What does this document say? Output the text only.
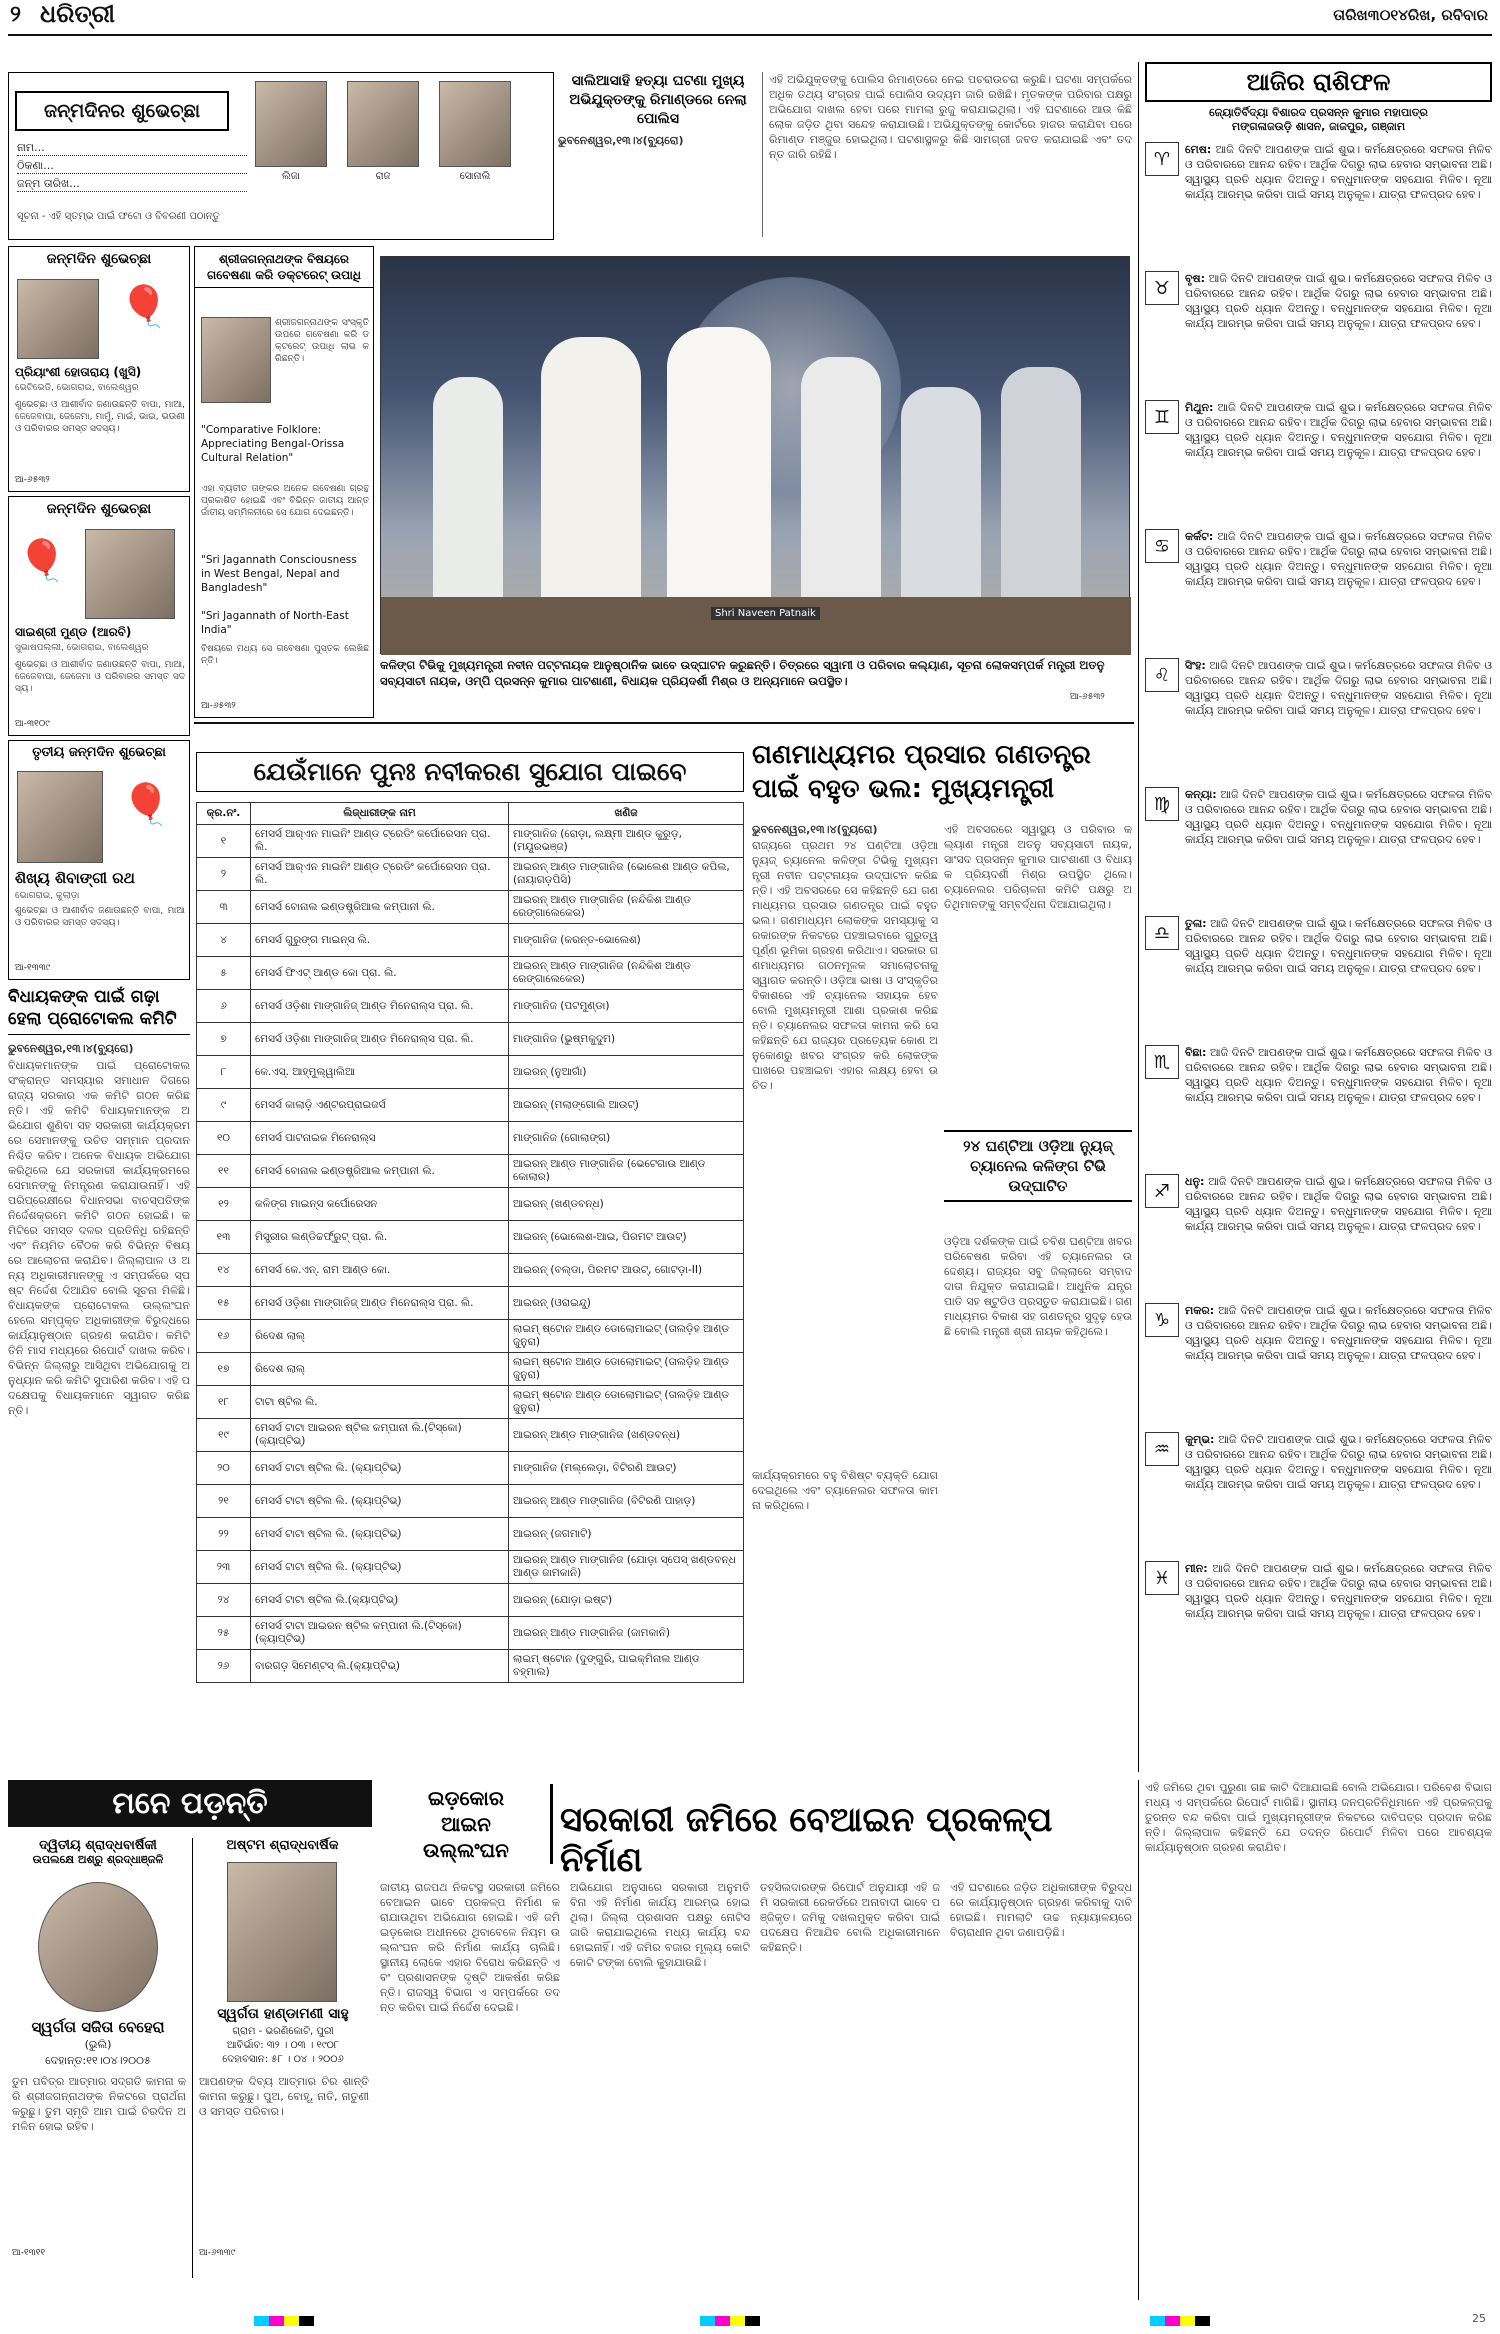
୨ ଧରିତ୍ରୀ	ତାରିଖ୩୦୧୪ରିଖ, ରବିବାର
ଜନ୍ମଦିନର ଶୁଭେଚ୍ଛା
ଲିଜା	ରାଜ	ସୋନାଲି
ନାମ...
ଠିକଣା...
ଜନ୍ମ ତାରିଖ...
ସୂଚନା - ଏହି ସ୍ତମ୍ଭ ପାଇଁ ଫଟୋ ଓ ବିବରଣୀ ପଠାନ୍ତୁ
ସାଲିଆସାହି ହତ୍ୟା ଘଟଣା ମୁଖ୍ୟ ଅଭିଯୁକ୍ତଙ୍କୁ ରିମାଣ୍ଡରେ ନେଲା ପୋଲିସ
ଭୁବନେଶ୍ୱର,୧୩।୪(ବ୍ୟୁରୋ)
ଏହି ଅଭିଯୁକ୍ତଙ୍କୁ ପୋଲିସ ରିମାଣ୍ଡରେ ନେଇ ପଚରାଉଚରା କରୁଛି। ଘଟଣା ସମ୍ପର୍କରେ ଅଧିକ ତଥ୍ୟ ସଂଗ୍ରହ ପାଇଁ ପୋଲିସ ଉଦ୍ୟମ ଜାରି ରଖିଛି। ମୃତକଙ୍କ ପରିବାର ପକ୍ଷରୁ ଅଭିଯୋଗ ଦାଖଲ ହେବା ପରେ ମାମଲା ରୁଜୁ କରାଯାଇଥିଲା। ଏହି ଘଟଣାରେ ଆଉ କିଛି ଲୋକ ଜଡ଼ିତ ଥିବା ସନ୍ଦେହ କରାଯାଉଛି। ଅଭିଯୁକ୍ତଙ୍କୁ କୋର୍ଟରେ ହାଜର କରାଯିବା ପରେ ରିମାଣ୍ଡ ମଞ୍ଜୁର ହୋଇଥିଲା। ଘଟଣାସ୍ଥଳରୁ କିଛି ସାମଗ୍ରୀ ଜବତ କରାଯାଇଛି ଏବଂ ତଦନ୍ତ ଜାରି ରହିଛି।
ଜନ୍ମଦିନ ଶୁଭେଚ୍ଛା
🎈
ପ୍ରିୟାଂଶୀ ହୋତାରାୟ (ଖୁସି)
ଭେଟିଭେଡି, ଭୋଗରାଇ, ବାଲେଶ୍ୱର
ଶୁଭେଚ୍ଛା ଓ ଆଶୀର୍ବାଦ ଜଣାଉଛନ୍ତି ବାପା, ମାଆ, ଜେଜେବାପା, ଜେଜେମା, ମାମୁଁ, ମାଇଁ, ଭାଇ, ଭଉଣୀ ଓ ପରିବାରର ସମସ୍ତ ସଦସ୍ୟ।
ଆ-୬୫୩୨
ଶ୍ରୀଜଗନ୍ନାଥଙ୍କ ବିଷୟରେ ଗବେଷଣା କରି ଡକ୍ଟରେଟ୍ ଉପାଧି
ଶ୍ରୀଜଗନ୍ନାଥଙ୍କ ସଂସ୍କୃତି ଉପରେ ଗବେଷଣା କରି ଡକ୍ଟରେଟ୍ ଉପାଧି ଲାଭ କରିଛନ୍ତି।
"Comparative Folklore: Appreciating Bengal-Orissa Cultural Relation"
ଏହା ବ୍ୟତୀତ ତାଙ୍କର ଅନେକ ଗବେଷଣା ଗ୍ରନ୍ଥ ପ୍ରକାଶିତ ହୋଇଛି ଏବଂ ବିଭିନ୍ନ ଜାତୀୟ ଆନ୍ତର୍ଜାତୀୟ ସମ୍ମିଳନୀରେ ସେ ଯୋଗ ଦେଇଛନ୍ତି।
"Sri Jagannath Consciousness in West Bengal, Nepal and Bangladesh"
"Sri Jagannath of North-East India"
ବିଷୟରେ ମଧ୍ୟ ସେ ଗବେଷଣା ପୁସ୍ତକ ଲେଖିଛନ୍ତି।
ଆ-୬୫୩୨
ଜନ୍ମଦିନ ଶୁଭେଚ୍ଛା
🎈
ସାଇଶ୍ରୀ ମୁଣ୍ଡ (ଆରବି)
ସୁଭାଷପଲ୍ଲୀ, ଭୋଗରାଇ, ବାଲେଶ୍ୱର
ଶୁଭେଚ୍ଛା ଓ ଆଶୀର୍ବାଦ ଜଣାଉଛନ୍ତି ବାପା, ମାଆ, ଜେଜେବାପା, ଜେଜେମା ଓ ପରିବାରର ସମସ୍ତ ସଦସ୍ୟ।
ଆ-୩୧୦୯
Shri Naveen Patnaik
କଳିଙ୍ଗ ଟିଭିକୁ ମୁଖ୍ୟମନ୍ତ୍ରୀ ନବୀନ ପଟ୍ଟନାୟକ ଆନୁଷ୍ଠାନିକ ଭାବେ ଉଦ୍‌ଘାଟନ କରୁଛନ୍ତି। ଚିତ୍ରରେ ସ୍ୱାମୀ ଓ ପରିବାର କଲ୍ୟାଣ, ସୂଚନା ଲୋକସମ୍ପର୍କ ମନ୍ତ୍ରୀ ଅତନୁ ସବ୍ୟସାଚୀ ନାୟକ, ଓମ୍ପି ପ୍ରସନ୍ନ କୁମାର ପାଟଶାଣୀ, ବିଧାୟକ ପ୍ରିୟଦର୍ଶୀ ମିଶ୍ର ଓ ଅନ୍ୟମାନେ ଉପସ୍ଥିତ।
ଆ-୬୫୩୨
ତୃତୀୟ ଜନ୍ମଦିନ ଶୁଭେଚ୍ଛା
🎈
ଶିଖ୍ୟ ଶିବାଙ୍ଗୀ ରଥ
ଭୋଗରାଇ, କୁଲାଡ଼ା
ଶୁଭେଚ୍ଛା ଓ ଆଶୀର୍ବାଦ ଜଣାଉଛନ୍ତି ବାପା, ମାଆ ଓ ପରିବାରର ସମସ୍ତ ସଦସ୍ୟ।
ଆ-୧୩୩୯
ଯେଉଁମାନେ ପୁନଃ ନବୀକରଣ ସୁଯୋଗ ପାଇବେ
କ୍ର.ନଂ.	ଲିଜ୍‌ଧାରୀଙ୍କ ନାମ	ଖଣିଜ
୧	ମେସର୍ସ ଆର୍‌ଏନ ମାଇନିଂ ଆଣ୍ଡ ଟ୍ରେଡିଂ କର୍ପୋରେସନ ପ୍ରା. ଲି.	ମାଙ୍ଗାନିଜ (ରୋଡ଼ା, ଲକ୍ଷ୍ମୀ ଆଣ୍ଡ କୁରୁଡ଼, (ମୟୂରଭଞ୍ଜ)
୨	ମେସର୍ସ ଆର୍‌ଏନ ମାଇନିଂ ଆଣ୍ଡ ଟ୍ରେଡିଂ କର୍ପୋରେସନ ପ୍ରା. ଲି.	ଆଇରନ୍ ଆଣ୍ଡ ମାଙ୍ଗାନିଜ (ଭୋଲେଶ ଆଣ୍ଡ କପିଲ, (ନାୟାଗଡ଼ପିସି)
୩	ମେସର୍ସ ବୋନାଲ ଇଣ୍ଡଷ୍ଟ୍ରିଆଲ କମ୍ପାନୀ ଲି.	ଆଇରନ୍ ଆଣ୍ଡ ମାଙ୍ଗାନିଜ (ନନ୍ଦିକିଶ ଆଣ୍ଡ ରେଙ୍ଗାଲେକେର)
୪	ମେସର୍ସ ଗୁରୁଙ୍ଗ ମାଇନ୍ସ ଲି.	ମାଙ୍ଗାନିଜ (କରନ୍ତ-ଭୋଲେଶ)
୫	ମେସର୍ସ ଫିଏଟ୍ ଆଣ୍ଡ କୋ ପ୍ରା. ଲି.	ଆଇରନ୍ ଆଣ୍ଡ ମାଙ୍ଗାନିଜ (ନନ୍ଦିକିଶ ଆଣ୍ଡ ରେଙ୍ଗାଲେକେର)
୬	ମେସର୍ସ ଓଡ଼ିଶା ମାଙ୍ଗାନିଜ୍ ଆଣ୍ଡ ମିନେରାଲ୍ସ ପ୍ରା. ଲି.	ମାଙ୍ଗାନିଜ (ପଟମୁଣ୍ଡା)
୭	ମେସର୍ସ ଓଡ଼ିଶା ମାଙ୍ଗାନିଜ୍ ଆଣ୍ଡ ମିନେରାଲ୍ସ ପ୍ରା. ଲି.	ମାଙ୍ଗାନିଜ (ଭୁଷ୍ମକୁଦୁମ)
୮	କେ.ଏସ୍. ଆହ୍ମୁଲ୍ୱାଲିଆ	ଆଇରନ୍ (ନୁଆଗାଁ)
୯	ମେସର୍ସ କାଲାଡ଼ି ଏଣ୍ଟରପ୍ରାଇଜର୍ସ	ଆଇରନ୍ (ମଲାଙ୍ଗୋଲି ଆଉଟ୍)
୧୦	ମେସର୍ସ ପାଟନାଇକ ମିନେରାଲ୍ସ	ମାଙ୍ଗାନିଜ (ଗୋଲାଙ୍ଗ)
୧୧	ମେସର୍ସ ବୋନାଲ ଇଣ୍ଡଷ୍ଟ୍ରିଆଲ କମ୍ପାନୀ ଲି.	ଆଇରନ୍ ଆଣ୍ଡ ମାଙ୍ଗାନିଜ (ଭେଟେଗାଉ ଆଣ୍ଡ କୋଲାର)
୧୨	କଳିଙ୍ଗ ମାଇନ୍ସ କର୍ପୋରେସନ	ଆଇରନ୍ (ଖଣ୍ଡବନ୍ଧ)
୧୩	ମିସ୍ତ୍ରୀର ଲଣ୍ଡିଚ୍ଚର୍ଫ୍ରୁଟ୍ ପ୍ରା. ଲି.	ଆଇରନ୍ (ଭୋଲେଶ-ଆଇ, ପିରମଟ ଆଉଟ୍)
୧୪	ମେସର୍ସ କେ.ଏନ୍. ରାମ ଆଣ୍ଡ କୋ.	ଆଇରନ୍ (ବଲ୍ଡା, ପିରମଟ ଆଉଟ୍, ଗୋଟଡ଼ା-II)
୧୫	ମେସର୍ସ ଓଡ଼ିଶା ମାଙ୍ଗାନିଜ୍ ଆଣ୍ଡ ମିନେରାଲ୍ସ ପ୍ରା. ଲି.	ଆଇରନ୍ (ଓରାଇନ୍ଦୁ)
୧୬	ରିଦେଶ ଲାଲ୍	ଲାଇମ୍ ଷ୍ଟୋନ ଆଣ୍ଡ ଡୋଲୋମାଇଟ୍ (ତାଲଡ଼ିହ ଆଣ୍ଡ ଜୁନୁରା)
୧୭	ରିଦେଶ ଲାଲ୍	ଲାଇମ୍ ଷ୍ଟୋନ ଆଣ୍ଡ ଡୋଲୋମାଇଟ୍ (ତାଲଡ଼ିହ ଆଣ୍ଡ ଜୁନୁରା)
୧୮	ଟାଟା ଷ୍ଟିଲ ଲି.	ଲାଇମ୍ ଷ୍ଟୋନ ଆଣ୍ଡ ଡୋଲୋମାଇଟ୍ (ତାଲଡ଼ିହ ଆଣ୍ଡ ଜୁନୁରା)
୧୯	ମେସର୍ସ ଟାଟା ଆଇରନ ଷ୍ଟିଲ କମ୍ପାନୀ ଲି.(ଟିସ୍କୋ) (କ୍ୟାପ୍ଟିଭ୍)	ଆଇରନ୍ ଆଣ୍ଡ ମାଙ୍ଗାନିଜ (ଖଣ୍ଡବନ୍ଧ)
୨୦	ମେସର୍ସ ଟାଟା ଷ୍ଟିଲ ଲି. (କ୍ୟାପ୍ଟିଭ୍)	ମାଙ୍ଗାନିଜ (ମଲ୍ଲେଡ଼ା, ବିଟିରଣି ଆଉଟ୍)
୨୧	ମେସର୍ସ ଟାଟା ଷ୍ଟିଲ ଲି. (କ୍ୟାପ୍ଟିଭ୍)	ଆଇରନ୍ ଆଣ୍ଡ ମାଙ୍ଗାନିଜ (ବିଟିରଣି ପାହାଡ଼)
୨୨	ମେସର୍ସ ଟାଟା ଷ୍ଟିଲ ଲି. (କ୍ୟାପ୍ଟିଭ୍)	ଆଇରନ୍ (ଜଗମାଟି)
୨୩	ମେସର୍ସ ଟାଟା ଷ୍ଟିଲ ଲି. (କ୍ୟାପ୍ଟିଭ୍)	ଆଇରନ୍ ଆଣ୍ଡ ମାଙ୍ଗାନିଜ (ଯୋଡ଼ା ସ୍ପେସ୍ ଖଣ୍ଡବନ୍ଧ ଆଣ୍ଡ ଜାମକାନି)
୨୪	ମେସର୍ସ ଟାଟା ଷ୍ଟିଲ ଲି.(କ୍ୟାପ୍ଟିଭ୍)	ଆଇରନ୍ (ଯୋଡ଼ା ଇଷ୍ଟ)
୨୫	ମେସର୍ସ ଟାଟା ଆଇରନ ଷ୍ଟିଲ କମ୍ପାନୀ ଲି.(ଟିସ୍କୋ) (କ୍ୟାପ୍ଟିଭ୍)	ଆଇରନ୍ ଆଣ୍ଡ ମାଙ୍ଗାନିଜ (ଜାମକାନି)
୨୬	ବାରଗଡ଼ ସିମେଣ୍ଟସ୍ ଲି.(କ୍ୟାପ୍ଟିଭ୍)	ଲାଇମ୍ ଷ୍ଟୋନ (ଦୁଙ୍ଗୁରି, ପାଇକ୍ମିନାଲ ଆଣ୍ଡ ବହ୍ମାଲ)
ବିଧାୟକଙ୍କ ପାଇଁ ଗଢ଼ା ହେଲା ପ୍ରୋଟୋକଲ କମିଟି
ଭୁବନେଶ୍ୱର,୧୩।୪(ବ୍ୟୁରୋ)
ବିଧାୟକମାନଙ୍କ ପାଇଁ ପ୍ରୋଟୋକଲ ସଂକ୍ରାନ୍ତ ସମସ୍ୟାର ସମାଧାନ ଦିଗରେ ରାଜ୍ୟ ସରକାର ଏକ କମିଟି ଗଠନ କରିଛନ୍ତି। ଏହି କମିଟି ବିଧାୟକମାନଙ୍କ ଅଭିଯୋଗ ଶୁଣିବା ସହ ସରକାରୀ କାର୍ଯ୍ୟକ୍ରମରେ ସେମାନଙ୍କୁ ଉଚିତ ସମ୍ମାନ ପ୍ରଦାନ ନିଶ୍ଚିତ କରିବ। ଅନେକ ବିଧାୟକ ଅଭିଯୋଗ କରିଥିଲେ ଯେ ସରକାରୀ କାର୍ଯ୍ୟକ୍ରମରେ ସେମାନଙ୍କୁ ନିମନ୍ତ୍ରଣ କରାଯାଉନାହିଁ। ଏହି ପରିପ୍ରେକ୍ଷୀରେ ବିଧାନସଭା ବାଚସ୍ପତିଙ୍କ ନିର୍ଦ୍ଦେଶକ୍ରମେ କମିଟି ଗଠନ ହୋଇଛି। କମିଟିରେ ସମସ୍ତ ଦଳର ପ୍ରତିନିଧି ରହିଛନ୍ତି ଏବଂ ନିୟମିତ ବୈଠକ କରି ବିଭିନ୍ନ ବିଷୟରେ ଆଲୋଚନା କରାଯିବ। ଜିଲ୍ଲାପାଳ ଓ ଅନ୍ୟ ଅଧିକାରୀମାନଙ୍କୁ ଏ ସମ୍ପର୍କରେ ସ୍ପଷ୍ଟ ନିର୍ଦ୍ଦେଶ ଦିଆଯିବ ବୋଲି ସୂଚନା ମିଳିଛି। ବିଧାୟକଙ୍କ ପ୍ରୋଟୋକଲ ଉଲ୍ଲଂଘନ ହେଲେ ସମ୍ପୃକ୍ତ ଅଧିକାରୀଙ୍କ ବିରୁଦ୍ଧରେ କାର୍ଯ୍ୟାନୁଷ୍ଠାନ ଗ୍ରହଣ କରାଯିବ। କମିଟି ତିନି ମାସ ମଧ୍ୟରେ ରିପୋର୍ଟ ଦାଖଲ କରିବ। ବିଭିନ୍ନ ଜିଲ୍ଲାରୁ ଆସିଥିବା ଅଭିଯୋଗକୁ ଅନୁଧ୍ୟାନ କରି କମିଟି ସୁପାରିଶ କରିବ। ଏହି ପଦକ୍ଷେପକୁ ବିଧାୟକମାନେ ସ୍ୱାଗତ କରିଛନ୍ତି।
ଗଣମାଧ୍ୟମର ପ୍ରସାର ଗଣତନ୍ତ୍ର
ପାଇଁ ବହୁତ ଭଲ: ମୁଖ୍ୟମନ୍ତ୍ରୀ
ଭୁବନେଶ୍ୱର,୧୩।୪(ବ୍ୟୁରୋ)
ରାଜ୍ୟରେ ପ୍ରଥମ ୨୪ ଘଣ୍ଟିଆ ଓଡ଼ିଆ ନ୍ୟୁଜ୍ ଚ୍ୟାନେଲ କଳିଙ୍ଗ ଟିଭିକୁ ମୁଖ୍ୟମନ୍ତ୍ରୀ ନବୀନ ପଟ୍ଟନାୟକ ଉଦ୍‌ଘାଟନ କରିଛନ୍ତି। ଏହି ଅବସରରେ ସେ କହିଛନ୍ତି ଯେ ଗଣମାଧ୍ୟମର ପ୍ରସାର ଗଣତନ୍ତ୍ର ପାଇଁ ବହୁତ ଭଲ। ଗଣମାଧ୍ୟମ ଲୋକଙ୍କ ସମସ୍ୟାକୁ ସରକାରଙ୍କ ନିକଟରେ ପହଞ୍ଚାଇବାରେ ଗୁରୁତ୍ୱପୂର୍ଣ୍ଣ ଭୂମିକା ଗ୍ରହଣ କରିଥାଏ। ସରକାର ଗଣମାଧ୍ୟମର ଗଠନମୂଳକ ସମାଲୋଚନାକୁ ସ୍ୱାଗତ କରନ୍ତି। ଓଡ଼ିଆ ଭାଷା ଓ ସଂସ୍କୃତିର ବିକାଶରେ ଏହି ଚ୍ୟାନେଲ ସହାୟକ ହେବ ବୋଲି ମୁଖ୍ୟମନ୍ତ୍ରୀ ଆଶା ପ୍ରକାଶ କରିଛନ୍ତି। ଚ୍ୟାନେଲର ସଫଳତା କାମନା କରି ସେ କହିଛନ୍ତି ଯେ ରାଜ୍ୟର ପ୍ରତ୍ୟେକ କୋଣ ଅନୁକୋଣରୁ ଖବର ସଂଗ୍ରହ କରି ଲୋକଙ୍କ ପାଖରେ ପହଞ୍ଚାଇବା ଏହାର ଲକ୍ଷ୍ୟ ହେବା ଉଚିତ।
ଏହି ଅବସରରେ ସ୍ୱାସ୍ଥ୍ୟ ଓ ପରିବାର କଲ୍ୟାଣ ମନ୍ତ୍ରୀ ଅତନୁ ସବ୍ୟସାଚୀ ନାୟକ, ସାଂସଦ ପ୍ରସନ୍ନ କୁମାର ପାଟଶାଣୀ ଓ ବିଧାୟକ ପ୍ରିୟଦର୍ଶୀ ମିଶ୍ର ଉପସ୍ଥିତ ଥିଲେ। ଚ୍ୟାନେଲର ପରିଚାଳନା କମିଟି ପକ୍ଷରୁ ଅତିଥିମାନଙ୍କୁ ସମ୍ବର୍ଦ୍ଧନା ଦିଆଯାଇଥିଲା।
୨୪ ଘଣ୍ଟିଆ ଓଡ଼ିଆ ନ୍ୟୁଜ୍ ଚ୍ୟାନେଲ କଳିଙ୍ଗ ଟିଭି ଉଦ୍‌ଘାଟିତ
ଓଡ଼ିଆ ଦର୍ଶକଙ୍କ ପାଇଁ ଚବିଶ ଘଣ୍ଟିଆ ଖବର ପରିବେଷଣ କରିବା ଏହି ଚ୍ୟାନେଲର ଉଦ୍ଦେଶ୍ୟ। ରାଜ୍ୟର ସବୁ ଜିଲ୍ଲାରେ ସମ୍ବାଦଦାତା ନିଯୁକ୍ତ କରାଯାଇଛି। ଆଧୁନିକ ଯନ୍ତ୍ରପାତି ସହ ଷ୍ଟୁଡିଓ ପ୍ରସ୍ତୁତ କରାଯାଇଛି। ଗଣମାଧ୍ୟମର ବିକାଶ ସହ ଗଣତନ୍ତ୍ର ସୁଦୃଢ଼ ହେଉଛି ବୋଲି ମନ୍ତ୍ରୀ ଶ୍ରୀ ନାୟକ କହିଥିଲେ।
କାର୍ଯ୍ୟକ୍ରମରେ ବହୁ ବିଶିଷ୍ଟ ବ୍ୟକ୍ତି ଯୋଗ ଦେଇଥିଲେ ଏବଂ ଚ୍ୟାନେଲର ସଫଳତା କାମନା କରିଥିଲେ।
ଆଜିର ରାଶିଫଳ
ଜ୍ୟୋତିର୍ବିଦ୍ୟା ବିଶାରଦ ପ୍ରସନ୍ନ କୁମାର ମହାପାତ୍ର
ମଙ୍ଗଳାଜଉଡ଼ି ଶାସନ, ଜାଜପୁର, ଗଞ୍ଜାମ
♈	ମେଷ: ଆଜି ଦିନଟି ଆପଣଙ୍କ ପାଇଁ ଶୁଭ। କର୍ମକ୍ଷେତ୍ରରେ ସଫଳତା ମିଳିବ ଓ ପରିବାରରେ ଆନନ୍ଦ ରହିବ। ଆର୍ଥିକ ଦିଗରୁ ଲାଭ ହେବାର ସମ୍ଭାବନା ଅଛି। ସ୍ୱାସ୍ଥ୍ୟ ପ୍ରତି ଧ୍ୟାନ ଦିଅନ୍ତୁ। ବନ୍ଧୁମାନଙ୍କ ସହଯୋଗ ମିଳିବ। ନୂଆ କାର୍ଯ୍ୟ ଆରମ୍ଭ କରିବା ପାଇଁ ସମୟ ଅନୁକୂଳ। ଯାତ୍ରା ଫଳପ୍ରଦ ହେବ।
♉	ବୃଷ: ଆଜି ଦିନଟି ଆପଣଙ୍କ ପାଇଁ ଶୁଭ। କର୍ମକ୍ଷେତ୍ରରେ ସଫଳତା ମିଳିବ ଓ ପରିବାରରେ ଆନନ୍ଦ ରହିବ। ଆର୍ଥିକ ଦିଗରୁ ଲାଭ ହେବାର ସମ୍ଭାବନା ଅଛି। ସ୍ୱାସ୍ଥ୍ୟ ପ୍ରତି ଧ୍ୟାନ ଦିଅନ୍ତୁ। ବନ୍ଧୁମାନଙ୍କ ସହଯୋଗ ମିଳିବ। ନୂଆ କାର୍ଯ୍ୟ ଆରମ୍ଭ କରିବା ପାଇଁ ସମୟ ଅନୁକୂଳ। ଯାତ୍ରା ଫଳପ୍ରଦ ହେବ।
♊	ମିଥୁନ: ଆଜି ଦିନଟି ଆପଣଙ୍କ ପାଇଁ ଶୁଭ। କର୍ମକ୍ଷେତ୍ରରେ ସଫଳତା ମିଳିବ ଓ ପରିବାରରେ ଆନନ୍ଦ ରହିବ। ଆର୍ଥିକ ଦିଗରୁ ଲାଭ ହେବାର ସମ୍ଭାବନା ଅଛି। ସ୍ୱାସ୍ଥ୍ୟ ପ୍ରତି ଧ୍ୟାନ ଦିଅନ୍ତୁ। ବନ୍ଧୁମାନଙ୍କ ସହଯୋଗ ମିଳିବ। ନୂଆ କାର୍ଯ୍ୟ ଆରମ୍ଭ କରିବା ପାଇଁ ସମୟ ଅନୁକୂଳ। ଯାତ୍ରା ଫଳପ୍ରଦ ହେବ।
♋	କର୍କଟ: ଆଜି ଦିନଟି ଆପଣଙ୍କ ପାଇଁ ଶୁଭ। କର୍ମକ୍ଷେତ୍ରରେ ସଫଳତା ମିଳିବ ଓ ପରିବାରରେ ଆନନ୍ଦ ରହିବ। ଆର୍ଥିକ ଦିଗରୁ ଲାଭ ହେବାର ସମ୍ଭାବନା ଅଛି। ସ୍ୱାସ୍ଥ୍ୟ ପ୍ରତି ଧ୍ୟାନ ଦିଅନ୍ତୁ। ବନ୍ଧୁମାନଙ୍କ ସହଯୋଗ ମିଳିବ। ନୂଆ କାର୍ଯ୍ୟ ଆରମ୍ଭ କରିବା ପାଇଁ ସମୟ ଅନୁକୂଳ। ଯାତ୍ରା ଫଳପ୍ରଦ ହେବ।
♌	ସିଂହ: ଆଜି ଦିନଟି ଆପଣଙ୍କ ପାଇଁ ଶୁଭ। କର୍ମକ୍ଷେତ୍ରରେ ସଫଳତା ମିଳିବ ଓ ପରିବାରରେ ଆନନ୍ଦ ରହିବ। ଆର୍ଥିକ ଦିଗରୁ ଲାଭ ହେବାର ସମ୍ଭାବନା ଅଛି। ସ୍ୱାସ୍ଥ୍ୟ ପ୍ରତି ଧ୍ୟାନ ଦିଅନ୍ତୁ। ବନ୍ଧୁମାନଙ୍କ ସହଯୋଗ ମିଳିବ। ନୂଆ କାର୍ଯ୍ୟ ଆରମ୍ଭ କରିବା ପାଇଁ ସମୟ ଅନୁକୂଳ। ଯାତ୍ରା ଫଳପ୍ରଦ ହେବ।
♍	କନ୍ୟା: ଆଜି ଦିନଟି ଆପଣଙ୍କ ପାଇଁ ଶୁଭ। କର୍ମକ୍ଷେତ୍ରରେ ସଫଳତା ମିଳିବ ଓ ପରିବାରରେ ଆନନ୍ଦ ରହିବ। ଆର୍ଥିକ ଦିଗରୁ ଲାଭ ହେବାର ସମ୍ଭାବନା ଅଛି। ସ୍ୱାସ୍ଥ୍ୟ ପ୍ରତି ଧ୍ୟାନ ଦିଅନ୍ତୁ। ବନ୍ଧୁମାନଙ୍କ ସହଯୋଗ ମିଳିବ। ନୂଆ କାର୍ଯ୍ୟ ଆରମ୍ଭ କରିବା ପାଇଁ ସମୟ ଅନୁକୂଳ। ଯାତ୍ରା ଫଳପ୍ରଦ ହେବ।
♎	ତୁଳା: ଆଜି ଦିନଟି ଆପଣଙ୍କ ପାଇଁ ଶୁଭ। କର୍ମକ୍ଷେତ୍ରରେ ସଫଳତା ମିଳିବ ଓ ପରିବାରରେ ଆନନ୍ଦ ରହିବ। ଆର୍ଥିକ ଦିଗରୁ ଲାଭ ହେବାର ସମ୍ଭାବନା ଅଛି। ସ୍ୱାସ୍ଥ୍ୟ ପ୍ରତି ଧ୍ୟାନ ଦିଅନ୍ତୁ। ବନ୍ଧୁମାନଙ୍କ ସହଯୋଗ ମିଳିବ। ନୂଆ କାର୍ଯ୍ୟ ଆରମ୍ଭ କରିବା ପାଇଁ ସମୟ ଅନୁକୂଳ। ଯାତ୍ରା ଫଳପ୍ରଦ ହେବ।
♏	ବିଛା: ଆଜି ଦିନଟି ଆପଣଙ୍କ ପାଇଁ ଶୁଭ। କର୍ମକ୍ଷେତ୍ରରେ ସଫଳତା ମିଳିବ ଓ ପରିବାରରେ ଆନନ୍ଦ ରହିବ। ଆର୍ଥିକ ଦିଗରୁ ଲାଭ ହେବାର ସମ୍ଭାବନା ଅଛି। ସ୍ୱାସ୍ଥ୍ୟ ପ୍ରତି ଧ୍ୟାନ ଦିଅନ୍ତୁ। ବନ୍ଧୁମାନଙ୍କ ସହଯୋଗ ମିଳିବ। ନୂଆ କାର୍ଯ୍ୟ ଆରମ୍ଭ କରିବା ପାଇଁ ସମୟ ଅନୁକୂଳ। ଯାତ୍ରା ଫଳପ୍ରଦ ହେବ।
♐	ଧନୁ: ଆଜି ଦିନଟି ଆପଣଙ୍କ ପାଇଁ ଶୁଭ। କର୍ମକ୍ଷେତ୍ରରେ ସଫଳତା ମିଳିବ ଓ ପରିବାରରେ ଆନନ୍ଦ ରହିବ। ଆର୍ଥିକ ଦିଗରୁ ଲାଭ ହେବାର ସମ୍ଭାବନା ଅଛି। ସ୍ୱାସ୍ଥ୍ୟ ପ୍ରତି ଧ୍ୟାନ ଦିଅନ୍ତୁ। ବନ୍ଧୁମାନଙ୍କ ସହଯୋଗ ମିଳିବ। ନୂଆ କାର୍ଯ୍ୟ ଆରମ୍ଭ କରିବା ପାଇଁ ସମୟ ଅନୁକୂଳ। ଯାତ୍ରା ଫଳପ୍ରଦ ହେବ।
♑	ମକର: ଆଜି ଦିନଟି ଆପଣଙ୍କ ପାଇଁ ଶୁଭ। କର୍ମକ୍ଷେତ୍ରରେ ସଫଳତା ମିଳିବ ଓ ପରିବାରରେ ଆନନ୍ଦ ରହିବ। ଆର୍ଥିକ ଦିଗରୁ ଲାଭ ହେବାର ସମ୍ଭାବନା ଅଛି। ସ୍ୱାସ୍ଥ୍ୟ ପ୍ରତି ଧ୍ୟାନ ଦିଅନ୍ତୁ। ବନ୍ଧୁମାନଙ୍କ ସହଯୋଗ ମିଳିବ। ନୂଆ କାର୍ଯ୍ୟ ଆରମ୍ଭ କରିବା ପାଇଁ ସମୟ ଅନୁକୂଳ। ଯାତ୍ରା ଫଳପ୍ରଦ ହେବ।
♒	କୁମ୍ଭ: ଆଜି ଦିନଟି ଆପଣଙ୍କ ପାଇଁ ଶୁଭ। କର୍ମକ୍ଷେତ୍ରରେ ସଫଳତା ମିଳିବ ଓ ପରିବାରରେ ଆନନ୍ଦ ରହିବ। ଆର୍ଥିକ ଦିଗରୁ ଲାଭ ହେବାର ସମ୍ଭାବନା ଅଛି। ସ୍ୱାସ୍ଥ୍ୟ ପ୍ରତି ଧ୍ୟାନ ଦିଅନ୍ତୁ। ବନ୍ଧୁମାନଙ୍କ ସହଯୋଗ ମିଳିବ। ନୂଆ କାର୍ଯ୍ୟ ଆରମ୍ଭ କରିବା ପାଇଁ ସମୟ ଅନୁକୂଳ। ଯାତ୍ରା ଫଳପ୍ରଦ ହେବ।
♓	ମୀନ: ଆଜି ଦିନଟି ଆପଣଙ୍କ ପାଇଁ ଶୁଭ। କର୍ମକ୍ଷେତ୍ରରେ ସଫଳତା ମିଳିବ ଓ ପରିବାରରେ ଆନନ୍ଦ ରହିବ। ଆର୍ଥିକ ଦିଗରୁ ଲାଭ ହେବାର ସମ୍ଭାବନା ଅଛି। ସ୍ୱାସ୍ଥ୍ୟ ପ୍ରତି ଧ୍ୟାନ ଦିଅନ୍ତୁ। ବନ୍ଧୁମାନଙ୍କ ସହଯୋଗ ମିଳିବ। ନୂଆ କାର୍ଯ୍ୟ ଆରମ୍ଭ କରିବା ପାଇଁ ସମୟ ଅନୁକୂଳ। ଯାତ୍ରା ଫଳପ୍ରଦ ହେବ।
ମନେ ପଡ଼ନ୍ତି
ଦ୍ୱିତୀୟ ଶ୍ରାଦ୍ଧବାର୍ଷିକୀ
ଉପଲକ୍ଷେ ଅଶ୍ରୁ ଶ୍ରଦ୍ଧାଞ୍ଜଳି
ସ୍ୱର୍ଗତା ସଜିତା ବେହେରା
(ଭୁଲି)
ଦେହାନ୍ତ:୧୧।୦୪।୨୦୦୫
ତୁମ ପବିତ୍ର ଆତ୍ମାର ସଦ୍‌ଗତି କାମନା କରି ଶ୍ରୀଜଗନ୍ନାଥଙ୍କ ନିକଟରେ ପ୍ରାର୍ଥନା କରୁଛୁ। ତୁମ ସ୍ମୃତି ଆମ ପାଇଁ ଚିରଦିନ ଅମଳିନ ହୋଇ ରହିବ।
ଆ-୧୩୧୧
ଅଷ୍ଟମ ଶ୍ରାଦ୍ଧବାର୍ଷିକ
ସ୍ୱର୍ଗତା ହାଣ୍ଡାମଣୀ ସାହୁ
ଗ୍ରାମ - ଭରଣିକୋଟି, ପୁରୀ
ଆବିର୍ଭାବ: ୩୨ । ୦୩ । ୧୯୦୮
ଦେହାବସାନ: ୫୮ । ୦୪ । ୨୦୦୬
ଆପଣଙ୍କ ଦିବ୍ୟ ଆତ୍ମାର ଚିର ଶାନ୍ତି କାମନା କରୁଛୁ। ପୁଅ, ବୋହୂ, ନାତି, ନାତୁଣୀ ଓ ସମସ୍ତ ପରିବାର।
ଆ-୬୩୩୯
ଇଡ଼କୋର
ଆଇନ
ଉଲ୍ଲଂଘନ
ସରକାରୀ ଜମିରେ ବେଆଇନ ପ୍ରକଳ୍ପ ନିର୍ମାଣ
ଜାତୀୟ ରାଜପଥ ନିକଟସ୍ଥ ସରକାରୀ ଜମିରେ ବେଆଇନ ଭାବେ ପ୍ରକଳ୍ପ ନିର୍ମାଣ କରାଯାଉଥିବା ଅଭିଯୋଗ ହୋଇଛି। ଏହି ଜମି ଇଡ଼କୋର ଅଧୀନରେ ଥିବାବେଳେ ନିୟମ ଉଲ୍ଲଂଘନ କରି ନିର୍ମାଣ କାର୍ଯ୍ୟ ଚାଲିଛି। ସ୍ଥାନୀୟ ଲୋକେ ଏହାର ବିରୋଧ କରିଛନ୍ତି ଏବଂ ପ୍ରଶାସନଙ୍କ ଦୃଷ୍ଟି ଆକର୍ଷଣ କରିଛନ୍ତି। ରାଜସ୍ୱ ବିଭାଗ ଏ ସମ୍ପର୍କରେ ତଦନ୍ତ କରିବା ପାଇଁ ନିର୍ଦ୍ଦେଶ ଦେଇଛି।
ଅଭିଯୋଗ ଅନୁସାରେ ସରକାରୀ ଅନୁମତି ବିନା ଏହି ନିର୍ମାଣ କାର୍ଯ୍ୟ ଆରମ୍ଭ ହୋଇଥିଲା। ଜିଲ୍ଲା ପ୍ରଶାସନ ପକ୍ଷରୁ ନୋଟିସ ଜାରି କରାଯାଇଥିଲେ ମଧ୍ୟ କାର୍ଯ୍ୟ ବନ୍ଦ ହୋଇନାହିଁ। ଏହି ଜମିର ବଜାର ମୂଲ୍ୟ କୋଟି କୋଟି ଟଙ୍କା ବୋଲି କୁହାଯାଉଛି।
ତହସିଲଦାରଙ୍କ ରିପୋର୍ଟ ଅନୁଯାୟୀ ଏହି ଜମି ସରକାରୀ ରେକର୍ଡରେ ଅନାବାଦୀ ଭାବେ ପଞ୍ଜିକୃତ। ଜମିକୁ ଦଖଲମୁକ୍ତ କରିବା ପାଇଁ ପଦକ୍ଷେପ ନିଆଯିବ ବୋଲି ଅଧିକାରୀମାନେ କହିଛନ୍ତି।
ଏହି ଘଟଣାରେ ଜଡ଼ିତ ଅଧିକାରୀଙ୍କ ବିରୁଦ୍ଧରେ କାର୍ଯ୍ୟାନୁଷ୍ଠାନ ଗ୍ରହଣ କରିବାକୁ ଦାବି ହୋଇଛି। ମାମଲାଟି ଉଚ୍ଚ ନ୍ୟାୟାଳୟରେ ବିଚାରାଧୀନ ଥିବା ଜଣାପଡ଼ିଛି।
ଏହି ଜମିରେ ଥିବା ପୁରୁଣା ଗଛ କାଟି ଦିଆଯାଇଛି ବୋଲି ଅଭିଯୋଗ। ପରିବେଶ ବିଭାଗ ମଧ୍ୟ ଏ ସମ୍ପର୍କରେ ରିପୋର୍ଟ ମାଗିଛି। ସ୍ଥାନୀୟ ଜନପ୍ରତିନିଧିମାନେ ଏହି ପ୍ରକଳ୍ପକୁ ତୁରନ୍ତ ବନ୍ଦ କରିବା ପାଇଁ ମୁଖ୍ୟମନ୍ତ୍ରୀଙ୍କ ନିକଟରେ ଦାବିପତ୍ର ପ୍ରଦାନ କରିଛନ୍ତି। ଜିଲ୍ଲାପାଳ କହିଛନ୍ତି ଯେ ତଦନ୍ତ ରିପୋର୍ଟ ମିଳିବା ପରେ ଆବଶ୍ୟକ କାର୍ଯ୍ୟାନୁଷ୍ଠାନ ଗ୍ରହଣ କରାଯିବ।
25
